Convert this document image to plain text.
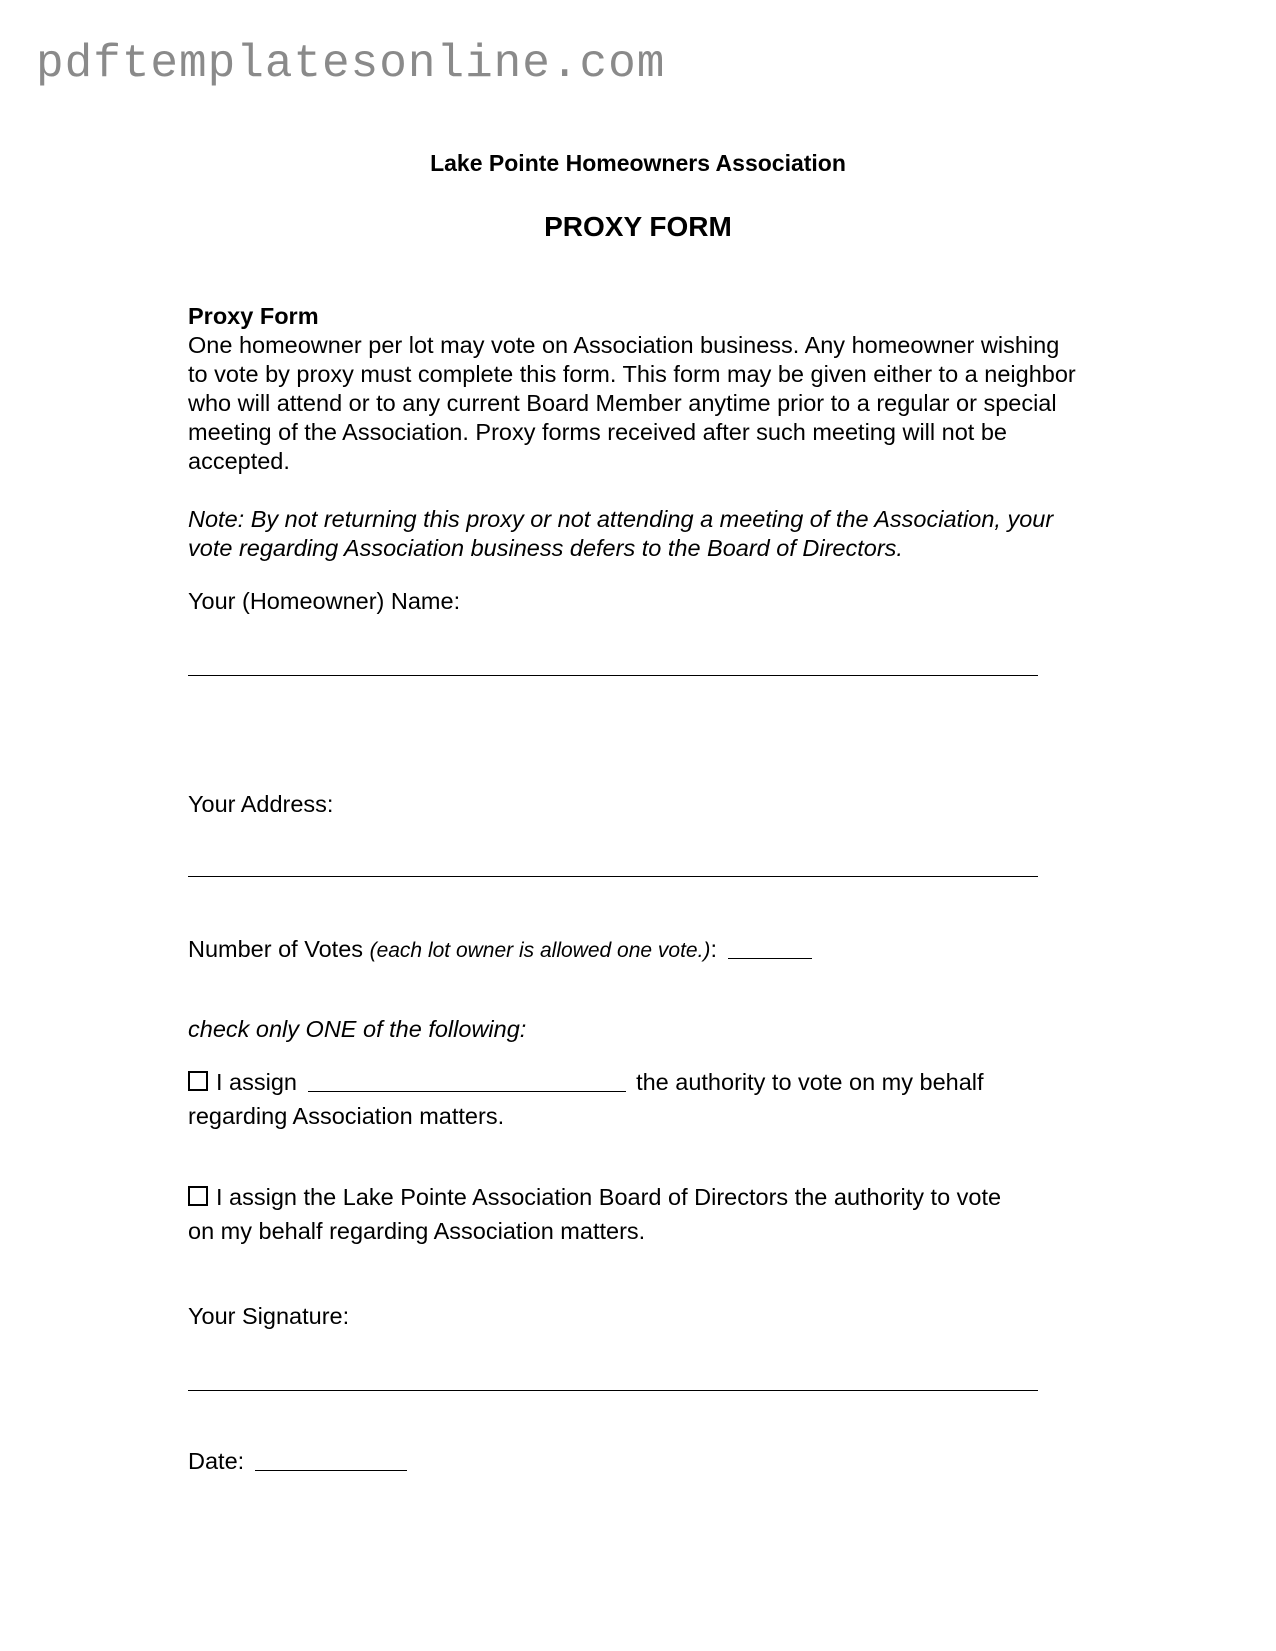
pdftemplatesonline.com
Lake Pointe Homeowners Association
PROXY FORM
Proxy Form
One homeowner per lot may vote on Association business. Any homeowner wishing to vote by proxy must complete this form. This form may be given either to a neighbor who will attend or to any current Board Member anytime prior to a regular or special meeting of the Association. Proxy forms received after such meeting will not be accepted.
Note: By not returning this proxy or not attending a meeting of the Association, your vote regarding Association business defers to the Board of Directors.
Your (Homeowner) Name:
Your Address:
Number of Votes (each lot owner is allowed one vote.):
check only ONE of the following:
I assign	the authority to vote on my behalf
regarding Association matters.
I assign the Lake Pointe Association Board of Directors the authority to vote
on my behalf regarding Association matters.
Your Signature:
Date:
